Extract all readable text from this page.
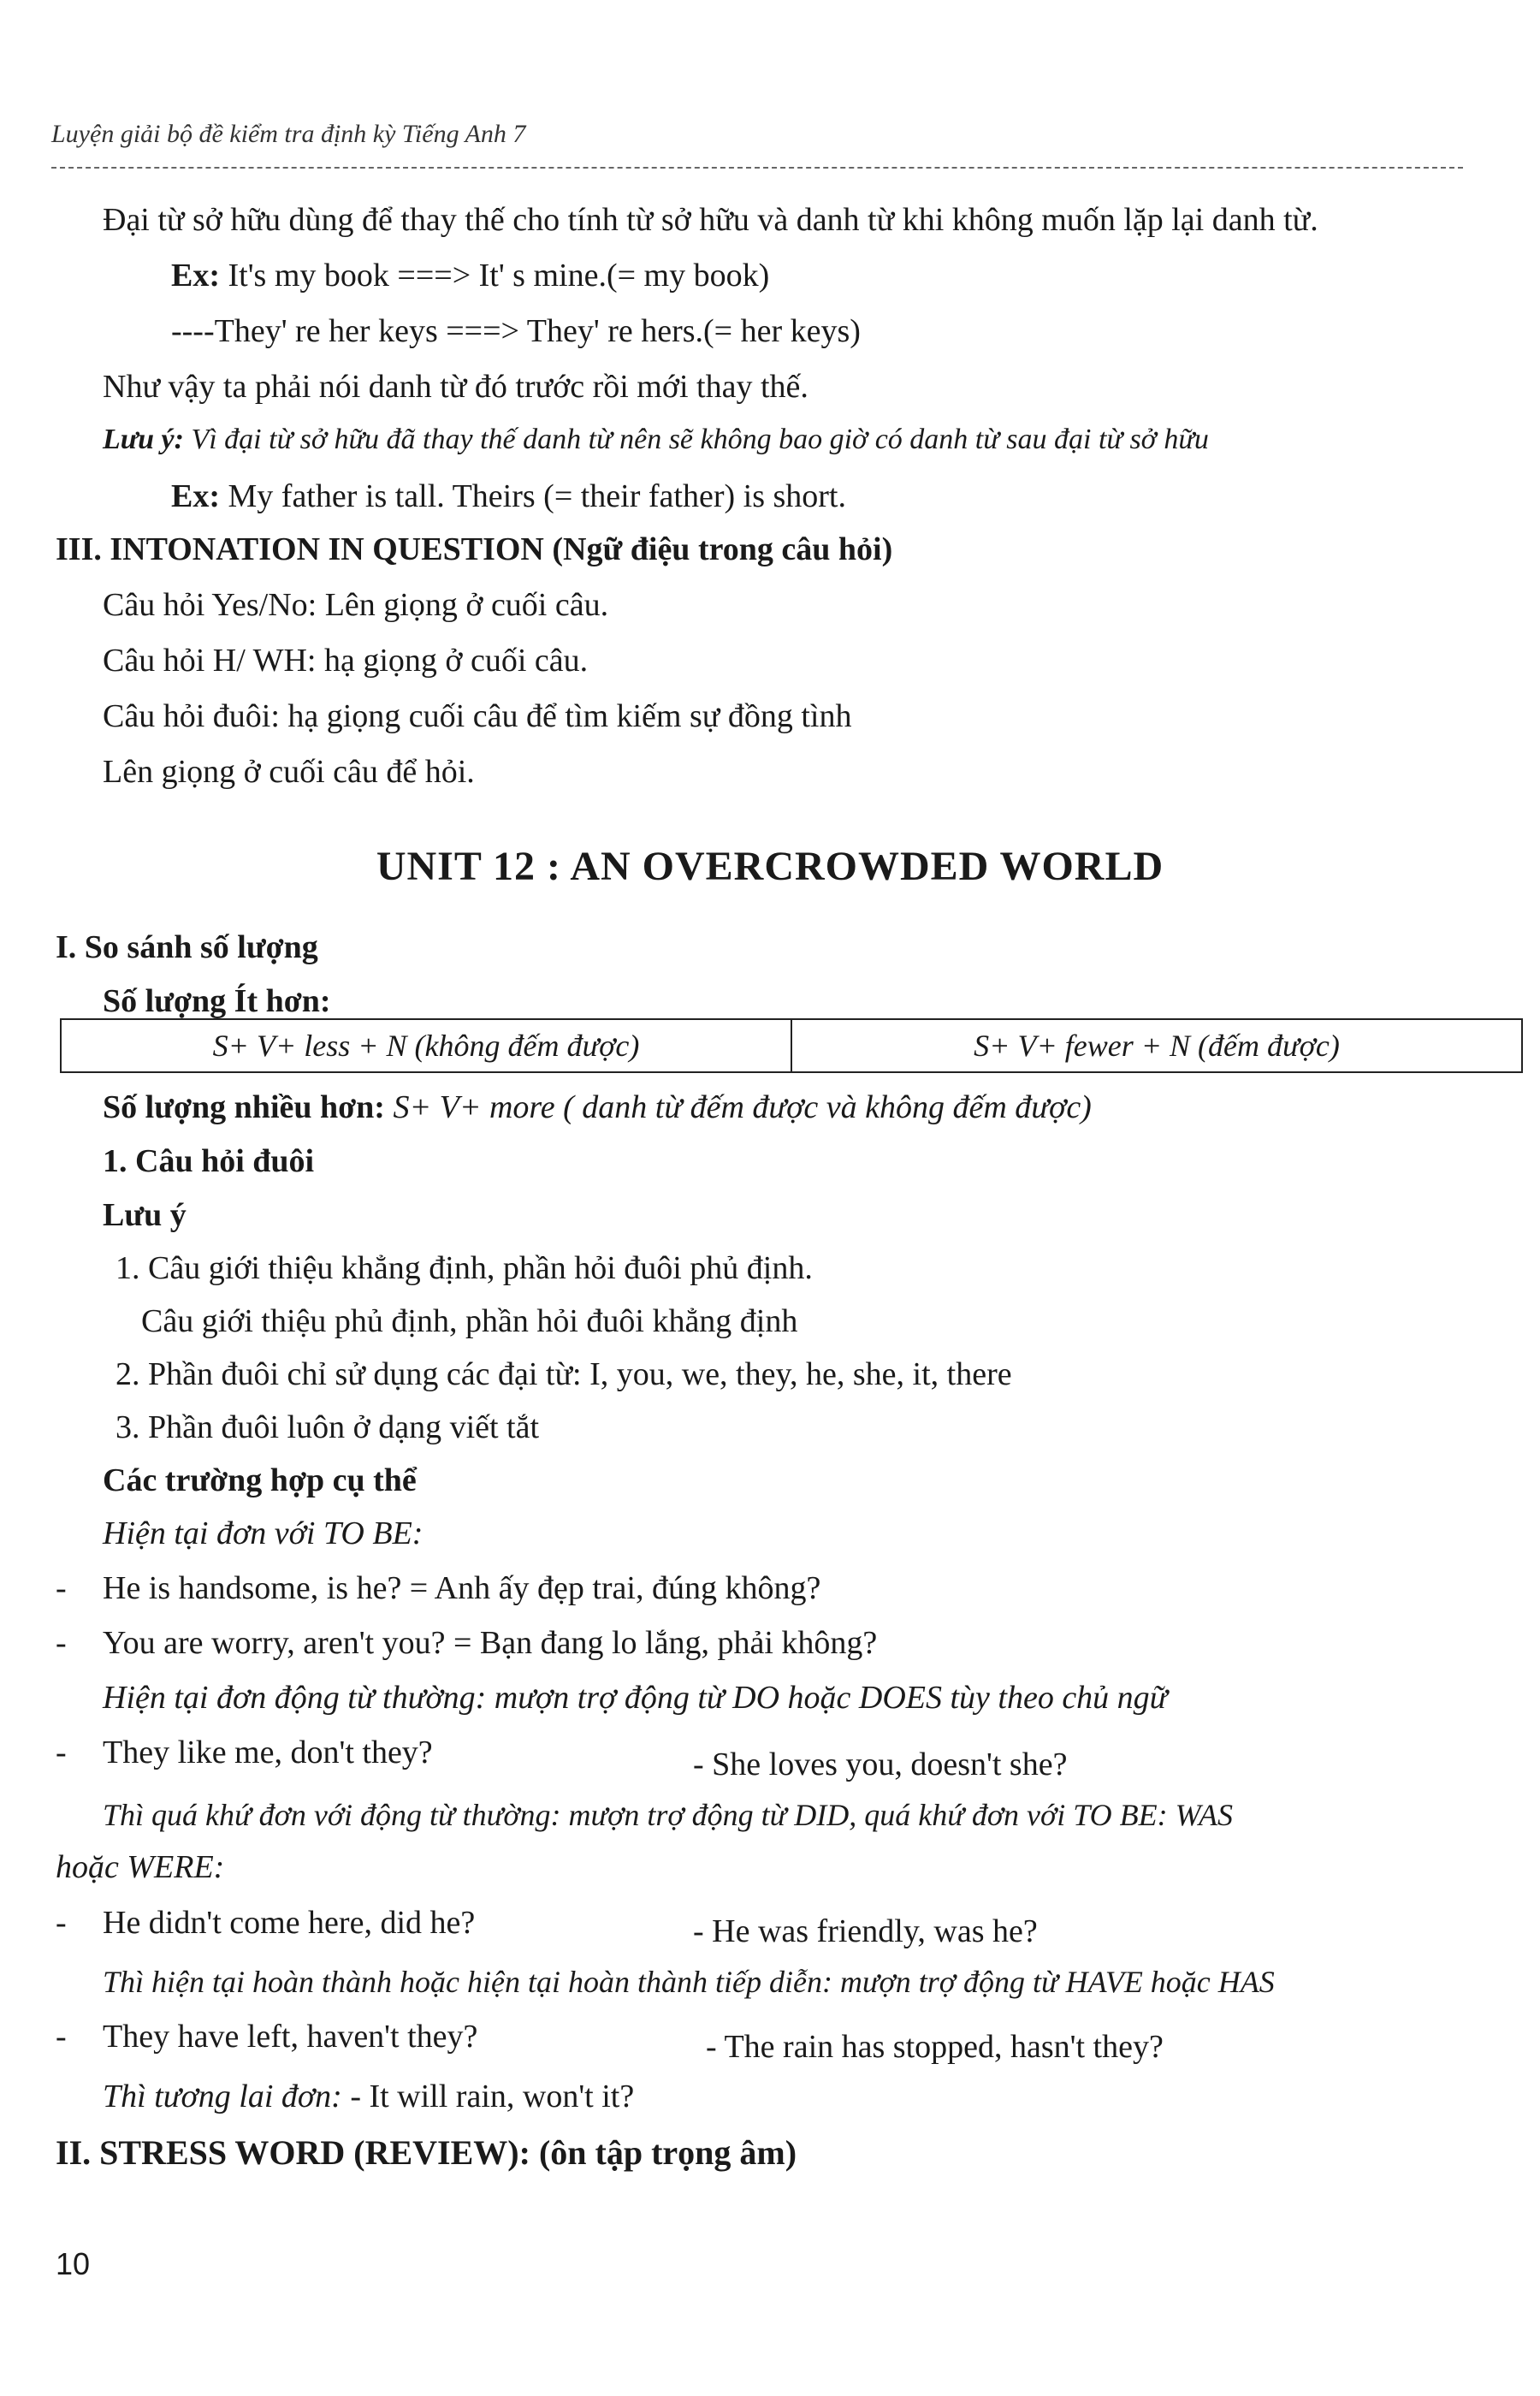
Luyện giải bộ đề kiểm tra định kỳ Tiếng Anh 7
Đại từ sở hữu dùng để thay thế cho tính từ sở hữu và danh từ khi không muốn lặp lại danh từ.
Ex: It's my book ===> It' s mine.(= my book)
----They' re her keys ===> They' re hers.(= her keys)
Như vậy ta phải nói danh từ đó trước rồi mới thay thế.
Lưu ý: Vì đại từ sở hữu đã thay thế danh từ nên sẽ không bao giờ có danh từ sau đại từ sở hữu
Ex: My father is tall. Theirs (= their father) is short.
III. INTONATION IN QUESTION (Ngữ điệu trong câu hỏi)
Câu hỏi Yes/No: Lên giọng ở cuối câu.
Câu hỏi H/ WH: hạ giọng ở cuối câu.
Câu hỏi đuôi: hạ giọng cuối câu để tìm kiếm sự đồng tình
Lên giọng ở cuối câu để hỏi.
UNIT 12 : AN OVERCROWDED WORLD
I. So sánh số lượng
Số lượng Ít hơn:
S+ V+ less + N (không đếm được)	S+ V+ fewer + N (đếm được)
Số lượng nhiều hơn: S+ V+ more ( danh từ đếm được và không đếm được)
1. Câu hỏi đuôi
Lưu ý
1. Câu giới thiệu khẳng định, phần hỏi đuôi phủ định.
Câu giới thiệu phủ định, phần hỏi đuôi khẳng định
2. Phần đuôi chỉ sử dụng các đại từ: I, you, we, they, he, she, it, there
3. Phần đuôi luôn ở dạng viết tắt
Các trường hợp cụ thể
Hiện tại đơn với TO BE:
- He is handsome, is he? = Anh ấy đẹp trai, đúng không?
- You are worry, aren't you? = Bạn đang lo lắng, phải không?
Hiện tại đơn động từ thường: mượn trợ động từ DO hoặc DOES tùy theo chủ ngữ
- They like me, don't they?	- She loves you, doesn't she?
Thì quá khứ đơn với động từ thường: mượn trợ động từ DID, quá khứ đơn với TO BE: WAS
hoặc WERE:
- He didn't come here, did he?	- He was friendly, was he?
Thì hiện tại hoàn thành hoặc hiện tại hoàn thành tiếp diễn: mượn trợ động từ HAVE hoặc HAS
- They have left, haven't they?	- The rain has stopped, hasn't they?
Thì tương lai đơn: - It will rain, won't it?
II. STRESS WORD (REVIEW): (ôn tập trọng âm)
10
